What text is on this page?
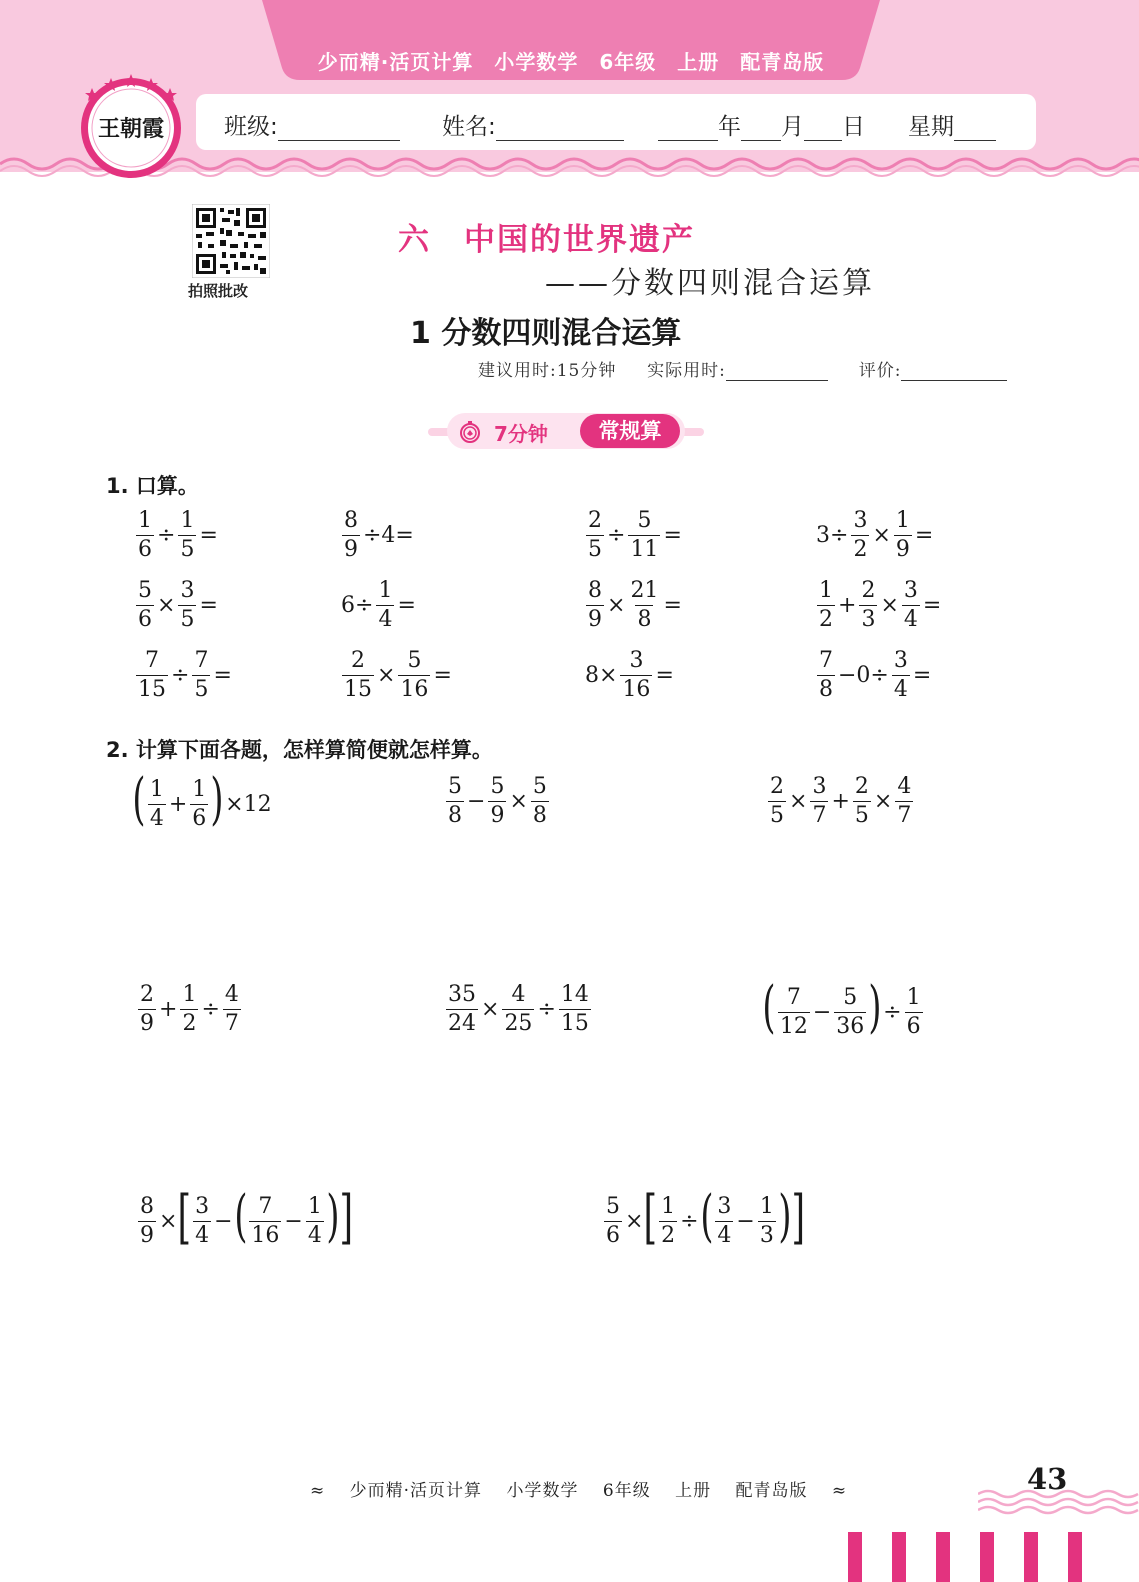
少而精·活页计算　小学数学　6年级　上册　配青岛版
王朝霞	班级:	姓名:	年 月 日 星期
拍照批改
六　中国的世界遗产
——分数四则混合运算
1 分数四则混合运算
建议用时:15分钟 实际用时:	评价:
7分钟	常规算
1. 口算。
$\frac{1}{6} \div \frac{1}{5}$ =	$\frac{8}{9} \div 4=$	$\frac{2}{5} \div \frac{5}{11}$ =	$3\div \frac{3}{2} \times \frac{1}{9}$ =
$\frac{5}{6} \times \frac{3}{5}$ =	$6\div \frac{1}{4}$ =	$\frac{8}{9} \times \frac{21}{8}$ =	$\frac{1}{2} + \frac{2}{3} \times \frac{3}{4}$ =
$\frac{7}{15} \div \frac{7}{5}$ =	$\frac{2}{15} \times \frac{5}{16}$ =	$8\times \frac{3}{16}$ =	$\frac{7}{8} -0\div \frac{3}{4}$ =
2. 计算下面各题，怎样算简便就怎样算。
( $\frac{1}{4} + \frac{1}{6}$ ) ×12	$\frac{5}{8} - \frac{5}{9} \times \frac{5}{8}$	$\frac{2}{5} \times \frac{3}{7} + \frac{2}{5} \times \frac{4}{7}$
$\frac{2}{9} + \frac{1}{2} \div \frac{4}{7}$	$\frac{35}{24} \times \frac{4}{25} \div \frac{14}{15}$	( $\frac{7}{12} - \frac{5}{36}$ ) ÷ $\frac{1}{6}$
$\frac{8}{9}$ × [ $\frac{3}{4}$ − ( $\frac{7}{16} - \frac{1}{4}$ ) ]	$\frac{5}{6}$ × [ $\frac{1}{2}$ ÷ ( $\frac{3}{4} - \frac{1}{3}$ ) ]
≈ 少而精·活页计算 小学数学 6年级 上册 配青岛版 ≈	43
